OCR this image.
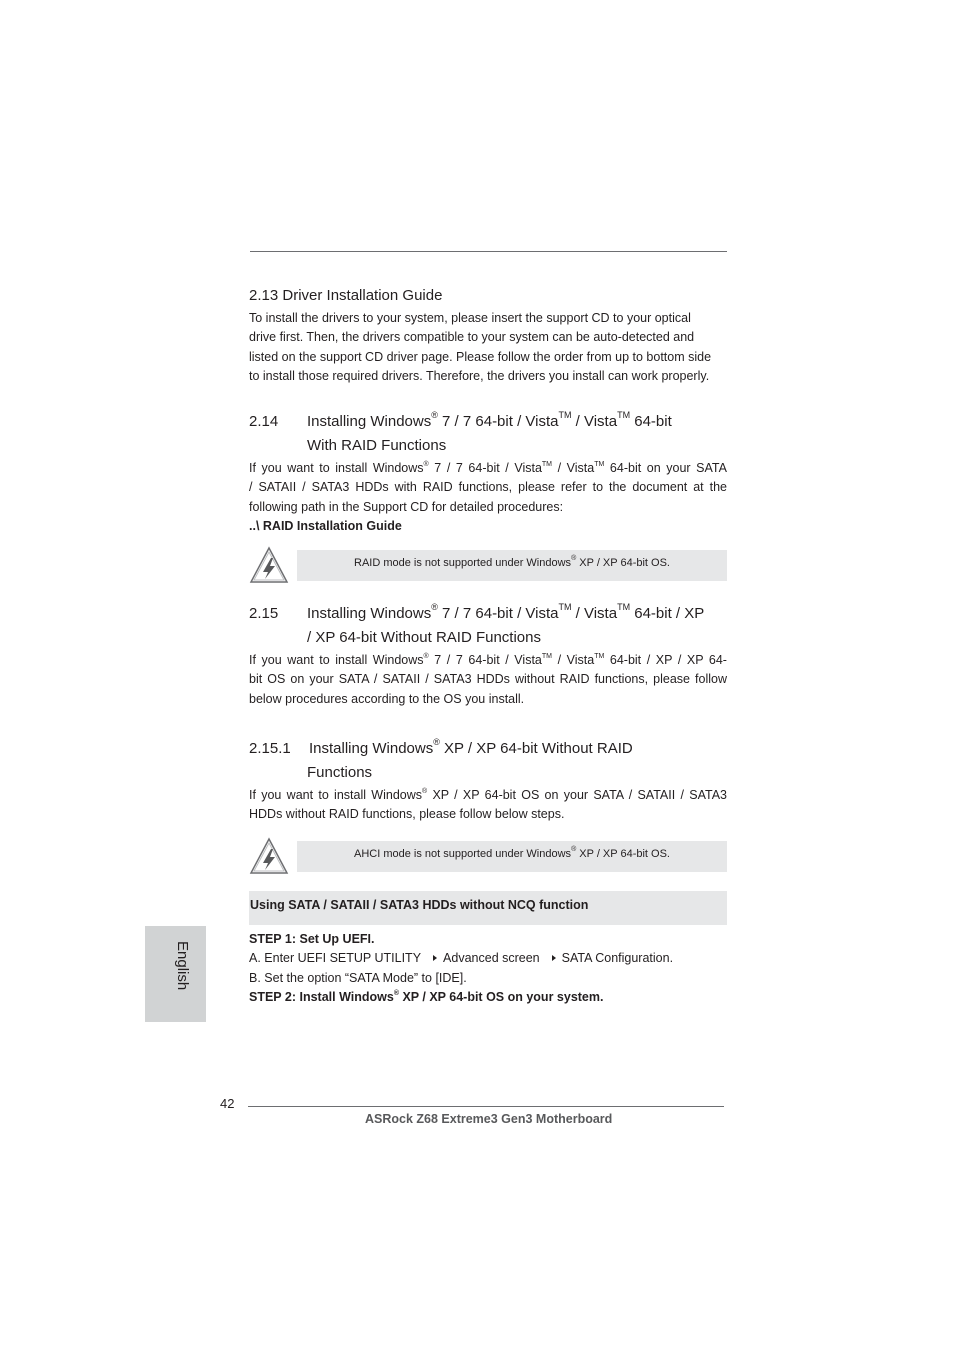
2.13 Driver Installation Guide
To install the drivers to your system, please insert the support CD to your optical
drive first. Then, the drivers compatible to your system can be auto-detected and
listed on the support CD driver page. Please follow the order from up to bottom side
to install those required drivers. Therefore, the drivers you install can work properly.
2.14 Installing Windows® 7 / 7 64-bit / Vista™ / Vista™ 64-bit
With RAID Functions
If you want to install Windows® 7 / 7 64-bit / Vista™ / Vista™ 64-bit on your SATA
/ SATAII / SATA3 HDDs with RAID functions, please refer to the document at the
following path in the Support CD for detailed procedures:
..\ RAID Installation Guide
RAID mode is not supported under Windows® XP / XP 64-bit OS.
2.15 Installing Windows® 7 / 7 64-bit / Vista™ / Vista™ 64-bit / XP
/ XP 64-bit Without RAID Functions
If you want to install Windows® 7 / 7 64-bit / Vista™ / Vista™ 64-bit / XP / XP 64-
bit OS on your SATA / SATAII / SATA3 HDDs without RAID functions, please follow
below procedures according to the OS you install.
2.15.1 Installing Windows® XP / XP 64-bit Without RAID
Functions
If you want to install Windows® XP / XP 64-bit OS on your SATA / SATAII / SATA3
HDDs without RAID functions, please follow below steps.
AHCI mode is not supported under Windows® XP / XP 64-bit OS.
Using SATA / SATAII / SATA3 HDDs without NCQ function
STEP 1: Set Up UEFI.
A. Enter UEFI SETUP UTILITY Advanced screen SATA Configuration.
B. Set the option “SATA Mode” to [IDE].
STEP 2: Install Windows® XP / XP 64-bit OS on your system.
English
42
ASRock Z68 Extreme3 Gen3 Motherboard
